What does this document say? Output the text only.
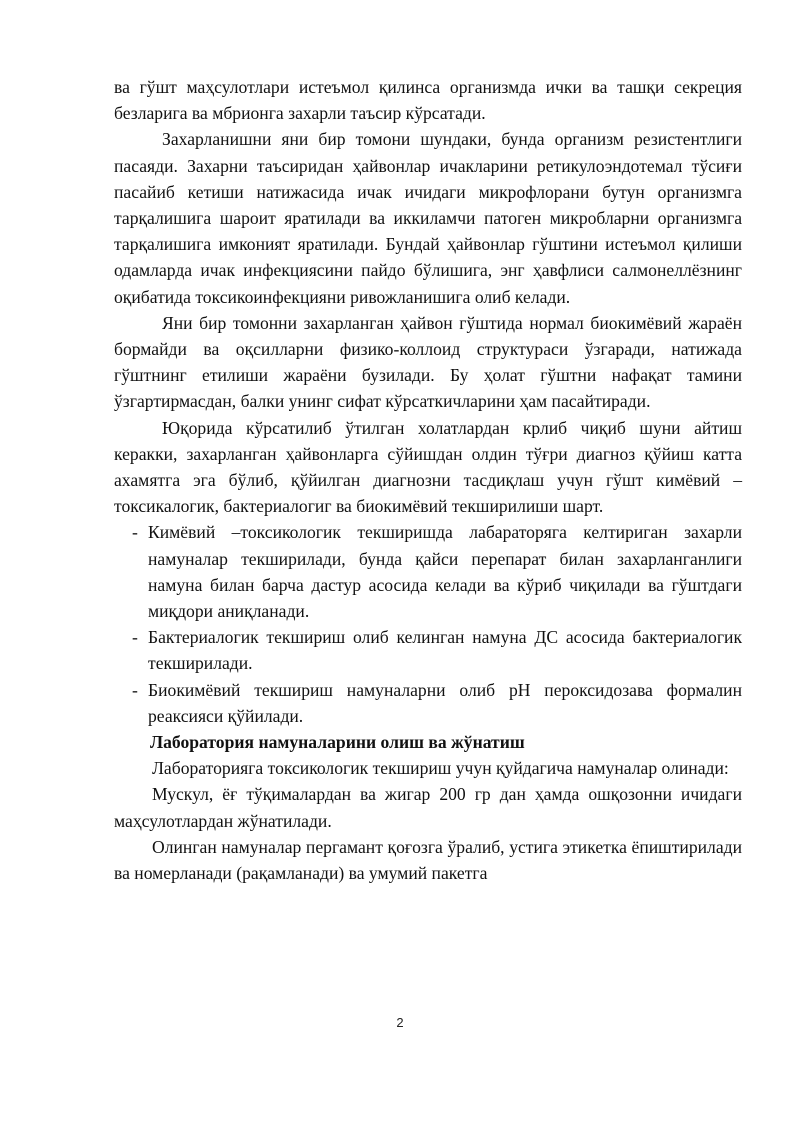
ва гўшт маҳсулотлари истеъмол қилинса организмда ички ва ташқи секреция безларига ва мбрионга захарли таъсир кўрсатади.

Захарланишни яни бир томони шундаки, бунда организм резистентлиги пасаяди. Захарни таъсиридан ҳайвонлар ичакларини ретикулоэндотемал тўсиғи пасайиб кетиши натижасида ичак ичидаги микрофлорани бутун организмга тарқалишига шароит яратилади ва иккиламчи патоген микробларни организмга тарқалишига имконият яратилади. Бундай ҳайвонлар гўштини истеъмол қилиши одамларда ичак инфекциясини пайдо бўлишига, энг ҳавфлиси салмонеллёзнинг оқибатида токсикоинфекцияни ривожланишига олиб келади.

Яни бир томонни захарланган ҳайвон гўштида нормал биокимёвий жараён бормайди ва оқсилларни физико-коллоид структураси ўзгаради, натижада гўштнинг етилиши жараёни бузилади. Бу ҳолат гўштни нафақат тамини ўзгартирмасдан, балки унинг сифат кўрсаткичларини ҳам пасайтиради.

Юқорида кўрсатилиб ўтилган холатлардан крлиб чиқиб шуни айтиш керакки, захарланган ҳайвонларга сўйишдан олдин тўғри диагноз қўйиш катта ахамятга эга бўлиб, қўйилган диагнозни тасдиқлаш учун гўшт кимёвий – токсикалогик, бактериалогиг ва биокимёвий текширилиши шарт.

- Кимёвий –токсикологик текширишда лабараторяга келтириган захарли намуналар текширилади, бунда қайси перепарат билан захарланганлиги намуна билан барча дастур асосида келади ва кўриб чиқилади ва гўштдаги миқдори аниқланади.
- Бактериалогик текшириш олиб келинган намуна ДС асосида бактериалогик текширилади.
- Биокимёвий текшириш намуналарни олиб рН пероксидозава формалин реаксияси қўйилади.

Лаборатория намуналарини олиш ва жўнатиш

Лабораторияга токсикологик текшириш учун қуйдагича намуналар олинади:

Мускул, ёғ тўқималардан ва жигар 200 гр дан ҳамда ошқозонни ичидаги маҳсулотлардан жўнатилади.

Олинган намуналар пергамант қоғозга ўралиб, устига этикетка ёпиштирилади ва номерланади (рақамланади) ва умумий пакетга

2
